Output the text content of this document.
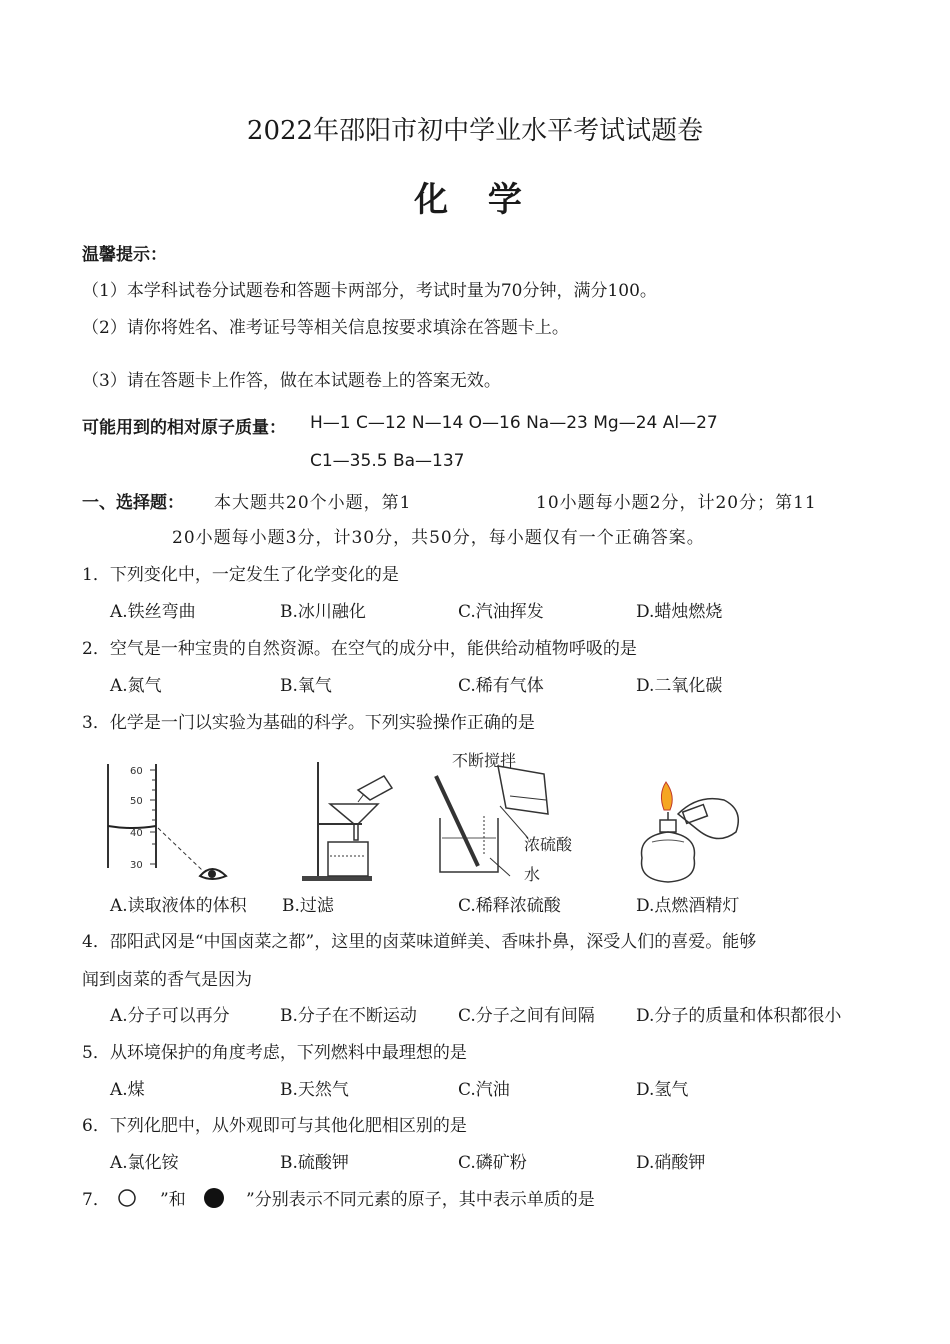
2022年邵阳市初中学业水平考试试题卷
化 学
温馨提示：
（1）本学科试卷分试题卷和答题卡两部分，考试时量为70分钟，满分100。
（2）请你将姓名、准考证号等相关信息按要求填涂在答题卡上。
（3）请在答题卡上作答，做在本试题卷上的答案无效。
可能用到的相对原子质量： H—1 C—12 N—14 O—16 Na—23 Mg—24 Al—27
C1—35.5 Ba—137
一、选择题： 本大题共20个小题，第1	10小题每小题2分，计20分；第11
20小题每小题3分，计30分，共50分，每小题仅有一个正确答案。
1．下列变化中，一定发生了化学变化的是
A.铁丝弯曲	B.冰川融化	C.汽油挥发	D.蜡烛燃烧
2．空气是一种宝贵的自然资源。在空气的成分中，能供给动植物呼吸的是
A.氮气	B.氧气	C.稀有气体	D.二氧化碳
3．化学是一门以实验为基础的科学。下列实验操作正确的是
60
50
40
30
A.读取液体的体积 B.过滤
不断搅拌
浓硫酸
水
C.稀释浓硫酸	D.点燃酒精灯
4．邵阳武冈是“中国卤菜之都”，这里的卤菜味道鲜美、香味扑鼻，深受人们的喜爱。能够
闻到卤菜的香气是因为
A.分子可以再分	B.分子在不断运动 C.分子之间有间隔 D.分子的质量和体积都很小
5．从环境保护的角度考虑，下列燃料中最理想的是
A.煤	B.天然气	C.汽油	D.氢气
6．下列化肥中，从外观即可与其他化肥相区别的是
A.氯化铵	B.硫酸钾	C.磷矿粉	D.硝酸钾
7．	”和	”分别表示不同元素的原子，其中表示单质的是
